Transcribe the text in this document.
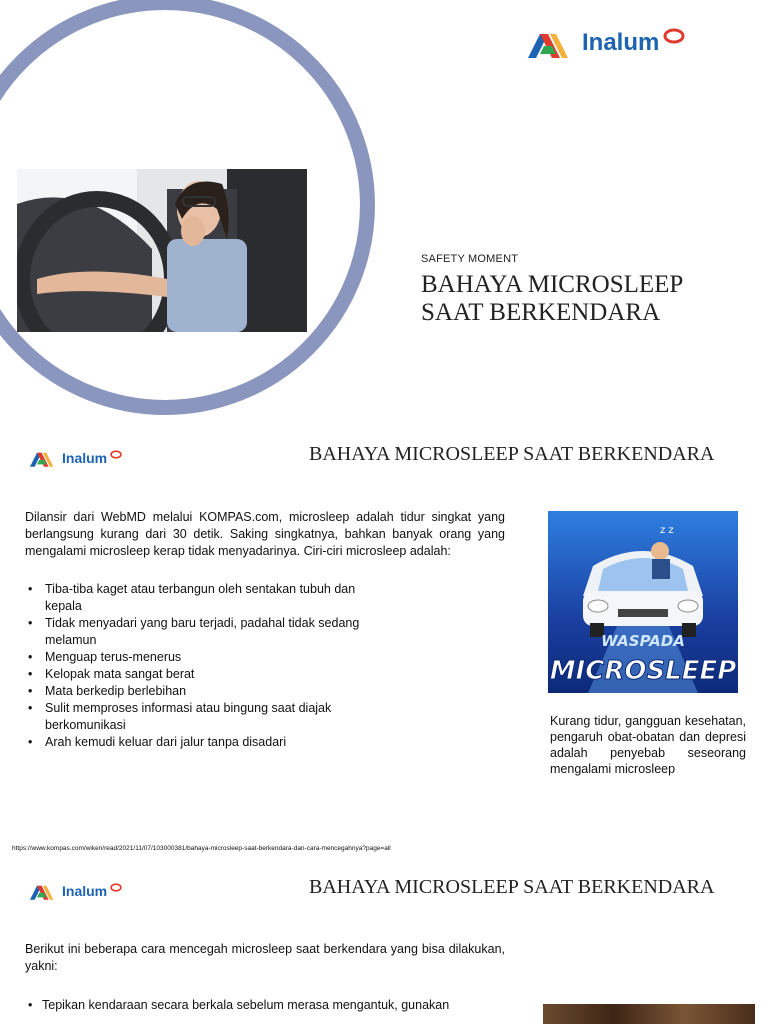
Inalum
SAFETY MOMENT
BAHAYA MICROSLEEP
SAAT BERKENDARA
Inalum	BAHAYA MICROSLEEP SAAT BERKENDARA
Dilansir dari WebMD melalui KOMPAS.com, microsleep adalah tidur singkat yang berlangsung kurang dari 30 detik. Saking singkatnya, bahkan banyak orang yang mengalami microsleep kerap tidak menyadarinya. Ciri-ciri microsleep adalah:
• Tiba-tiba kaget atau terbangun oleh sentakan tubuh dan kepala
• Tidak menyadari yang baru terjadi, padahal tidak sedang melamun
• Menguap terus-menerus
• Kelopak mata sangat berat
• Mata berkedip berlebihan
• Sulit memproses informasi atau bingung saat diajak berkomunikasi
• Arah kemudi keluar dari jalur tanpa disadari
z z
WASPADA
MICROSLEEP
Kurang tidur, gangguan kesehatan, pengaruh obat-obatan dan depresi adalah penyebab seseorang mengalami microsleep
https://www.kompas.com/wiken/read/2021/11/07/103000381/bahaya-microsleep-saat-berkendara-dan-cara-mencegahnya?page=all
Inalum	BAHAYA MICROSLEEP SAAT BERKENDARA
Berikut ini beberapa cara mencegah microsleep saat berkendara yang bisa dilakukan, yakni:
• Tepikan kendaraan secara berkala sebelum merasa mengantuk, gunakan
